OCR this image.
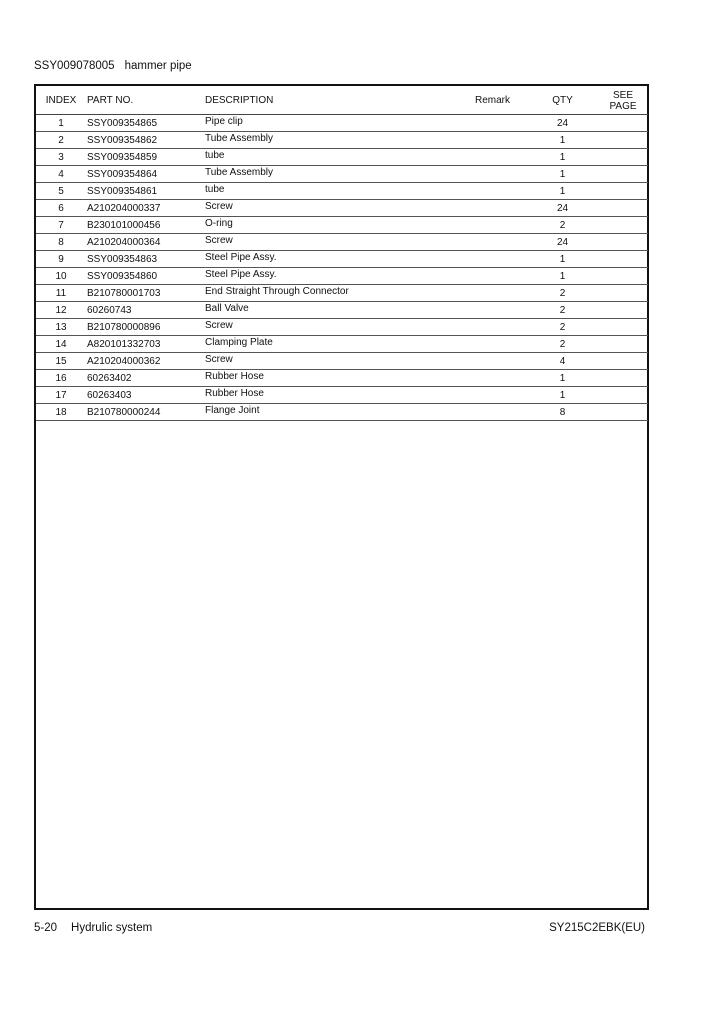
SSY009078005 hammer pipe
INDEX	PART NO.	DESCRIPTION	Remark	QTY	SEE
PAGE
1	SSY009354865	Pipe clip		24	
2	SSY009354862	Tube Assembly		1	
3	SSY009354859	tube		1	
4	SSY009354864	Tube Assembly		1	
5	SSY009354861	tube		1	
6	A210204000337	Screw		24	
7	B230101000456	O-ring		2	
8	A210204000364	Screw		24	
9	SSY009354863	Steel Pipe Assy.		1	
10	SSY009354860	Steel Pipe Assy.		1	
11	B210780001703	End Straight Through Connector		2	
12	60260743	Ball Valve		2	
13	B210780000896	Screw		2	
14	A820101332703	Clamping Plate		2	
15	A210204000362	Screw		4	
16	60263402	Rubber Hose		1	
17	60263403	Rubber Hose		1	
18	B210780000244	Flange Joint		8	
5-20 Hydrulic system	SY215C2EBK(EU)
